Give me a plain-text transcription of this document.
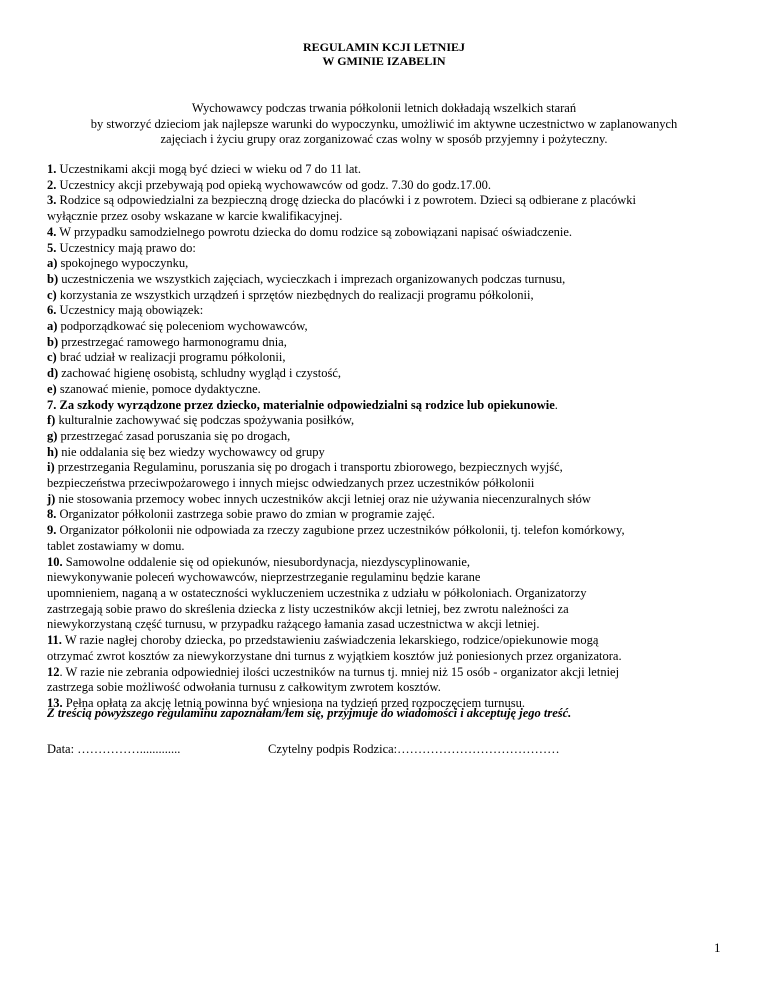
REGULAMIN KCJI LETNIEJ
W GMINIE IZABELIN
Wychowawcy podczas trwania półkolonii letnich dokładają wszelkich starań
by stworzyć dzieciom jak najlepsze warunki do wypoczynku, umożliwić im aktywne uczestnictwo w zaplanowanych
zajęciach i życiu grupy oraz zorganizować czas wolny w sposób przyjemny i pożyteczny.
1. Uczestnikami akcji mogą być dzieci w wieku od 7 do 11 lat.
2. Uczestnicy akcji przebywają pod opieką wychowawców od godz. 7.30 do godz.17.00.
3. Rodzice są odpowiedzialni za bezpieczną drogę dziecka do placówki i z powrotem. Dzieci są odbierane z placówki
wyłącznie przez osoby wskazane w karcie kwalifikacyjnej.
4. W przypadku samodzielnego powrotu dziecka do domu rodzice są zobowiązani napisać oświadczenie.
5. Uczestnicy mają prawo do:
a) spokojnego wypoczynku,
b) uczestniczenia we wszystkich zajęciach, wycieczkach i imprezach organizowanych podczas turnusu,
c) korzystania ze wszystkich urządzeń i sprzętów niezbędnych do realizacji programu półkolonii,
6. Uczestnicy mają obowiązek:
a) podporządkować się poleceniom wychowawców,
b) przestrzegać ramowego harmonogramu dnia,
c) brać udział w realizacji programu półkolonii,
d) zachować higienę osobistą, schludny wygląd i czystość,
e) szanować mienie, pomoce dydaktyczne.
7. Za szkody wyrządzone przez dziecko, materialnie odpowiedzialni są rodzice lub opiekunowie.
f) kulturalnie zachowywać się podczas spożywania posiłków,
g) przestrzegać zasad poruszania się po drogach,
h) nie oddalania się bez wiedzy wychowawcy od grupy
i) przestrzegania Regulaminu, poruszania się po drogach i transportu zbiorowego, bezpiecznych wyjść,
bezpieczeństwa przeciwpożarowego i innych miejsc odwiedzanych przez uczestników półkolonii
j) nie stosowania przemocy wobec innych uczestników akcji letniej oraz nie używania niecenzuralnych słów
8. Organizator półkolonii zastrzega sobie prawo do zmian w programie zajęć.
9. Organizator półkolonii nie odpowiada za rzeczy zagubione przez uczestników półkolonii, tj. telefon komórkowy,
tablet zostawiamy w domu.
10. Samowolne oddalenie się od opiekunów, niesubordynacja, niezdyscyplinowanie,
niewykonywanie poleceń wychowawców, nieprzestrzeganie regulaminu będzie karane
upomnieniem, naganą a w ostateczności wykluczeniem uczestnika z udziału w półkoloniach. Organizatorzy
zastrzegają sobie prawo do skreślenia dziecka z listy uczestników akcji letniej, bez zwrotu należności za
niewykorzystaną część turnusu, w przypadku rażącego łamania zasad uczestnictwa w akcji letniej.
11. W razie nagłej choroby dziecka, po przedstawieniu zaświadczenia lekarskiego, rodzice/opiekunowie mogą
otrzymać zwrot kosztów za niewykorzystane dni turnus z wyjątkiem kosztów już poniesionych przez organizatora.
12. W razie nie zebrania odpowiedniej ilości uczestników na turnus tj. mniej niż 15 osób - organizator akcji letniej
zastrzega sobie możliwość odwołania turnusu z całkowitym zwrotem kosztów.
13. Pełna opłata za akcję letnią powinna być wniesiona na tydzień przed rozpoczęciem turnusu.
Z treścią powyższego regulaminu zapoznałam/łem się, przyjmuje do wiadomości i akceptuję jego treść.
Data: …………….............	Czytelny podpis Rodzica:…………………………………
1
